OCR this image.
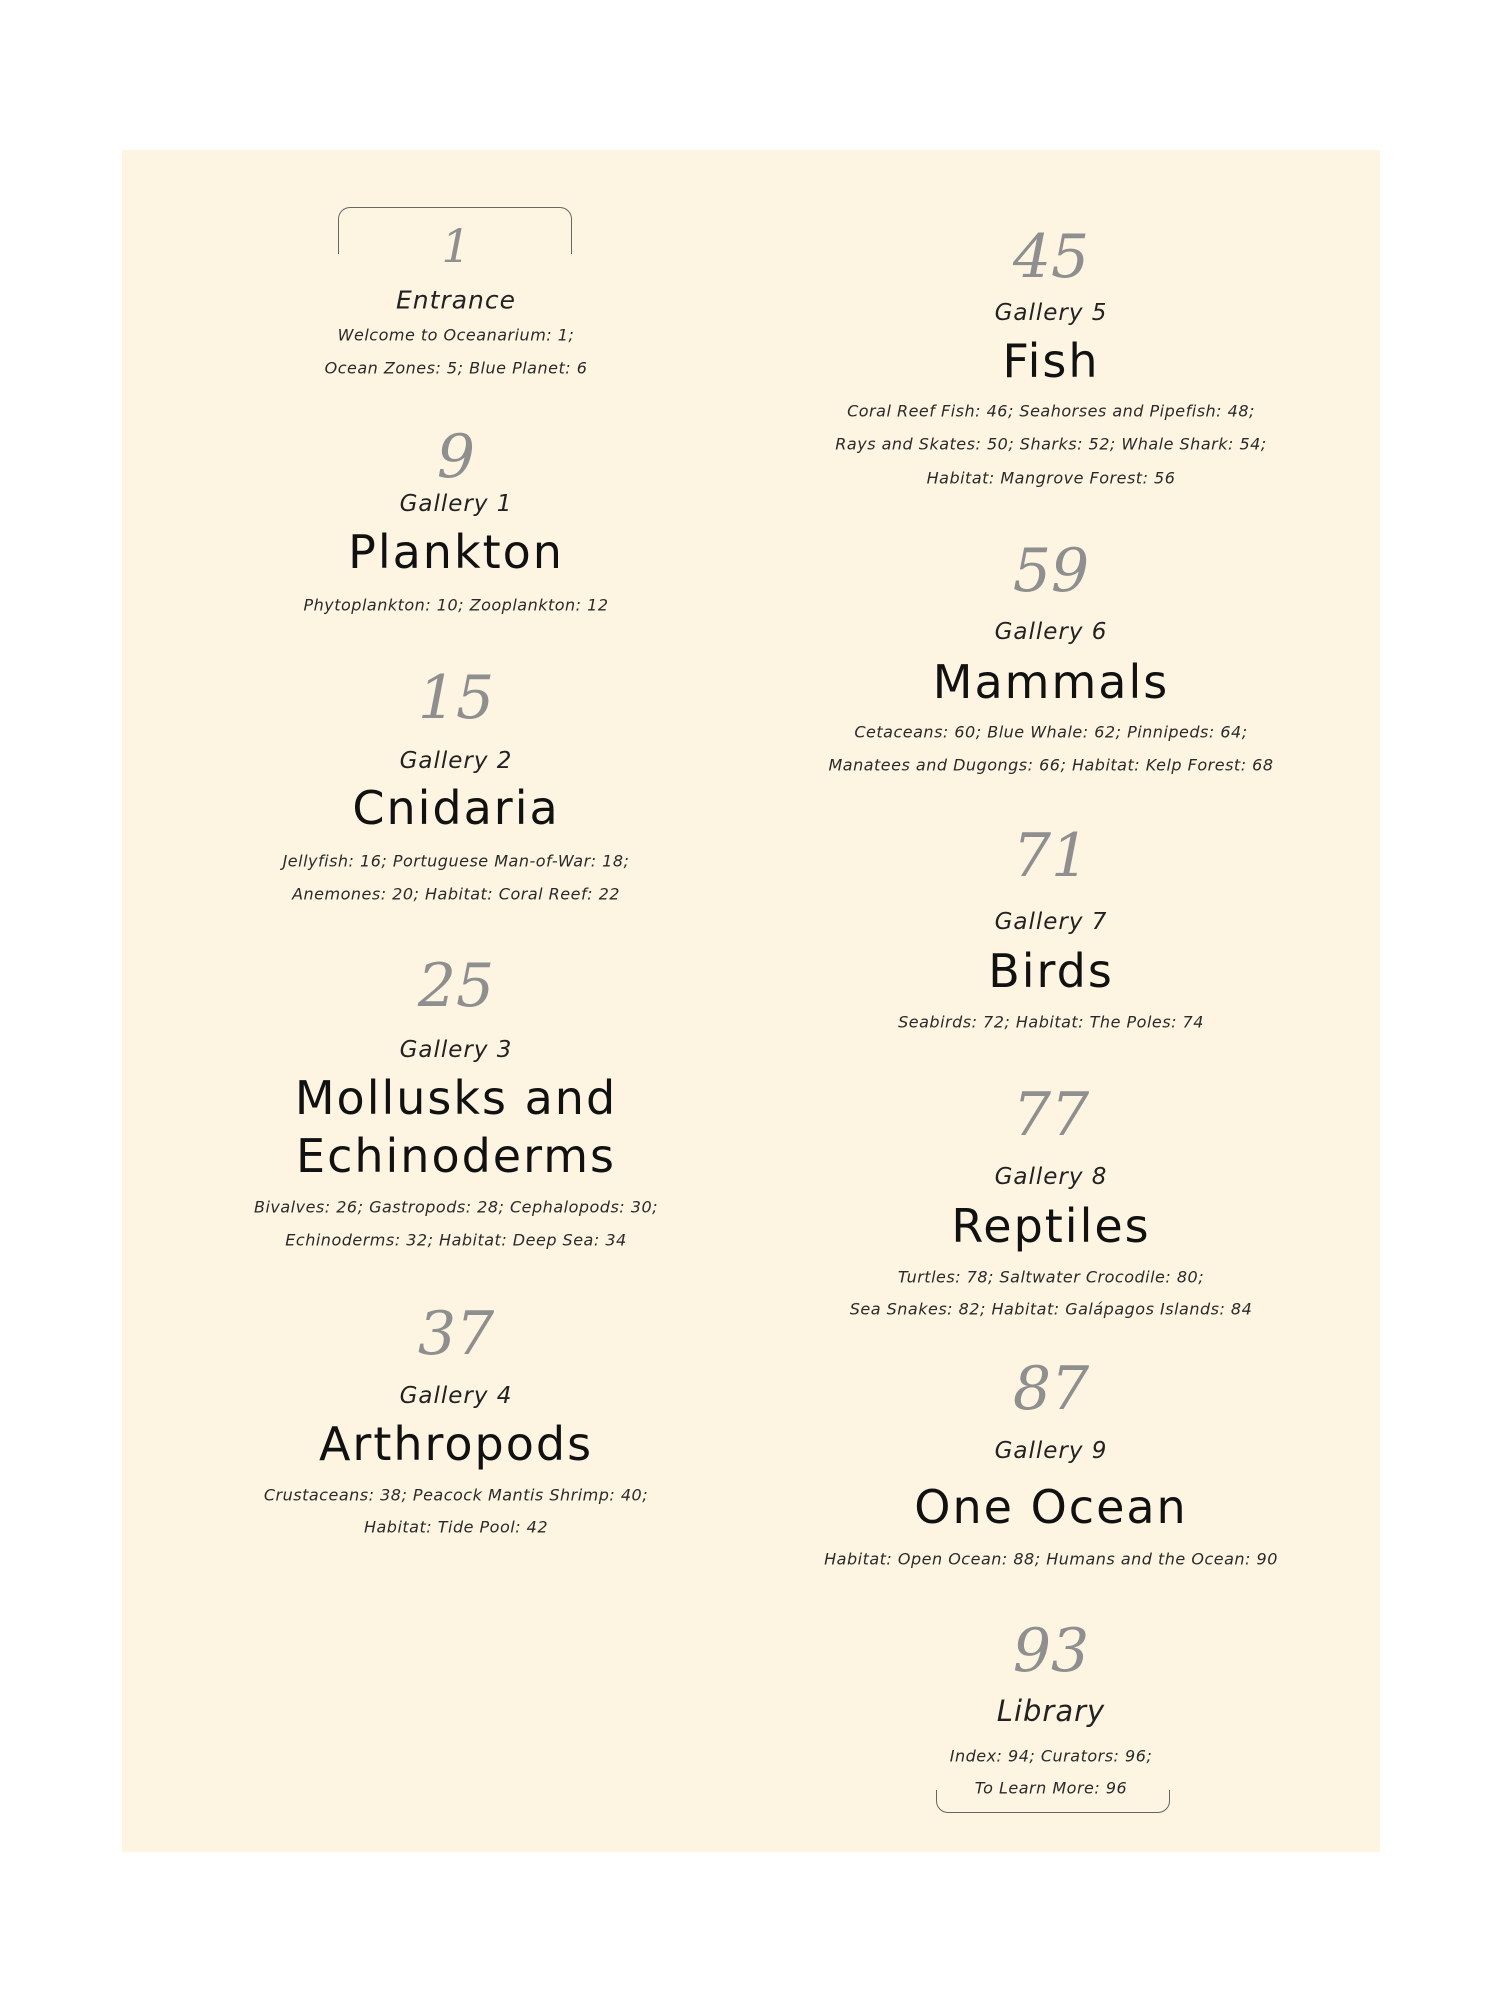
1
Entrance
Welcome to Oceanarium: 1;
Ocean Zones: 5; Blue Planet: 6
9
Gallery 1
Plankton
Phytoplankton: 10; Zooplankton: 12
15
Gallery 2
Cnidaria
Jellyfish: 16; Portuguese Man-of-War: 18;
Anemones: 20; Habitat: Coral Reef: 22
25
Gallery 3
Mollusks and
Echinoderms
Bivalves: 26; Gastropods: 28; Cephalopods: 30;
Echinoderms: 32; Habitat: Deep Sea: 34
37
Gallery 4
Arthropods
Crustaceans: 38; Peacock Mantis Shrimp: 40;
Habitat: Tide Pool: 42
45
Gallery 5
Fish
Coral Reef Fish: 46; Seahorses and Pipefish: 48;
Rays and Skates: 50; Sharks: 52; Whale Shark: 54;
Habitat: Mangrove Forest: 56
59
Gallery 6
Mammals
Cetaceans: 60; Blue Whale: 62; Pinnipeds: 64;
Manatees and Dugongs: 66; Habitat: Kelp Forest: 68
71
Gallery 7
Birds
Seabirds: 72; Habitat: The Poles: 74
77
Gallery 8
Reptiles
Turtles: 78; Saltwater Crocodile: 80;
Sea Snakes: 82; Habitat: Galápagos Islands: 84
87
Gallery 9
One Ocean
Habitat: Open Ocean: 88; Humans and the Ocean: 90
93
Library
Index: 94; Curators: 96;
To Learn More: 96
